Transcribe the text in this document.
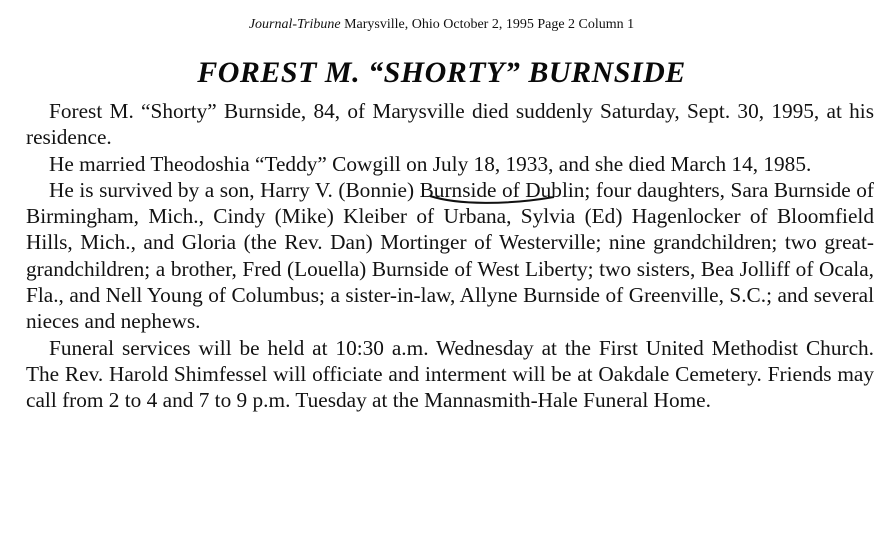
Journal-Tribune Marysville, Ohio October 2, 1995 Page 2 Column 1
FOREST M. “SHORTY” BURNSIDE

Forest M. “Shorty” Burnside, 84, of Marysville died suddenly Saturday, Sept. 30, 1995, at his residence.

He married Theodoshia “Teddy” Cowgill on July 18, 1933, and she died March 14, 1985.

He is survived by a son, Harry V. (Bonnie) Burnside of Dublin; four daughters, Sara Burnside of Birmingham, Mich., Cindy (Mike) Kleiber of Urbana, Sylvia (Ed) Hagenlocker of Bloomfield Hills, Mich., and Gloria (the Rev. Dan) Mortinger of Westerville; nine grandchildren; two great-grandchildren; a brother, Fred (Louella) Burnside of West Liberty; two sisters, Bea Jolliff of Ocala, Fla., and Nell Young of Columbus; a sister-in-law, Allyne Burnside of Greenville, S.C.; and several nieces and nephews.

Funeral services will be held at 10:30 a.m. Wednesday at the First United Methodist Church. The Rev. Harold Shimfessel will officiate and interment will be at Oakdale Cemetery. Friends may call from 2 to 4 and 7 to 9 p.m. Tuesday at the Mannasmith-Hale Funeral Home.
